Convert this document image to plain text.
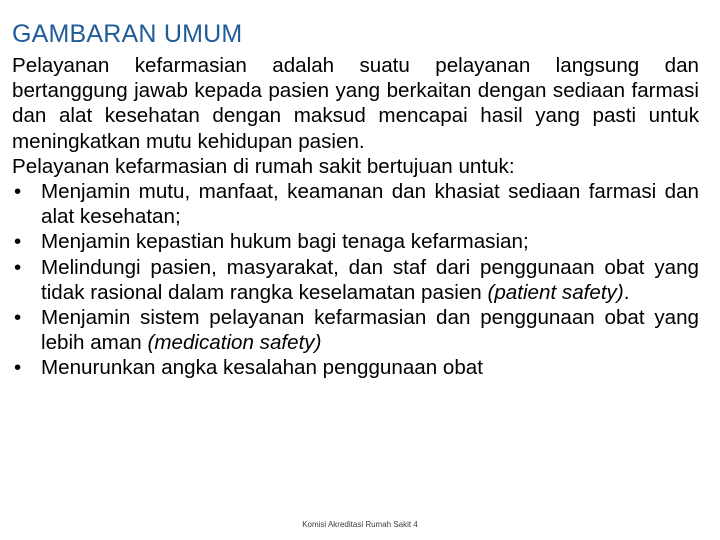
GAMBARAN UMUM

Pelayanan kefarmasian adalah suatu pelayanan langsung dan bertanggung jawab kepada pasien yang berkaitan dengan sediaan farmasi dan alat kesehatan dengan maksud mencapai hasil yang pasti untuk meningkatkan mutu kehidupan pasien.

Pelayanan kefarmasian di rumah sakit bertujuan untuk:

• Menjamin mutu, manfaat, keamanan dan khasiat sediaan farmasi dan alat kesehatan;
• Menjamin kepastian hukum bagi tenaga kefarmasian;
• Melindungi pasien, masyarakat, dan staf dari penggunaan obat yang tidak rasional dalam rangka keselamatan pasien (patient safety).
• Menjamin sistem pelayanan kefarmasian dan penggunaan obat yang lebih aman (medication safety)
• Menurunkan angka kesalahan penggunaan obat
Komisi Akreditasi Rumah Sakit 4
